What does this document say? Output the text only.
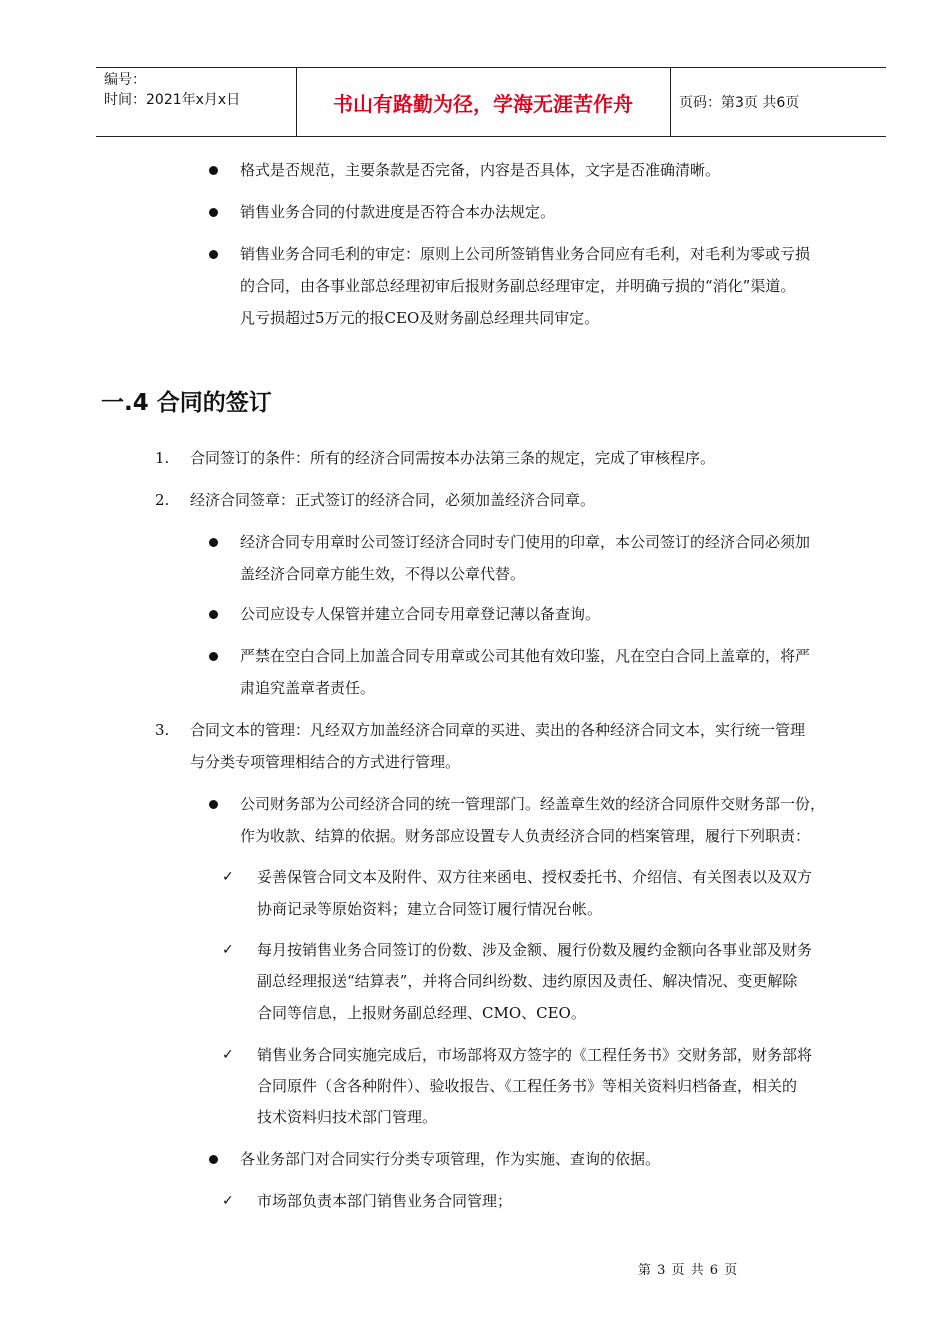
编号：
时间：2021年x月x日	书山有路勤为径，学海无涯苦作舟	页码：第3页 共6页
格式是否规范，主要条款是否完备，内容是否具体，文字是否准确清晰。
销售业务合同的付款进度是否符合本办法规定。
销售业务合同毛利的审定：原则上公司所签销售业务合同应有毛利，对毛利为零或亏损
的合同，由各事业部总经理初审后报财务副总经理审定，并明确亏损的“消化”渠道。
凡亏损超过5万元的报CEO及财务副总经理共同审定。
一.4 合同的签订
1. 合同签订的条件：所有的经济合同需按本办法第三条的规定，完成了审核程序。
2. 经济合同签章：正式签订的经济合同，必须加盖经济合同章。
经济合同专用章时公司签订经济合同时专门使用的印章，本公司签订的经济合同必须加
盖经济合同章方能生效，不得以公章代替。
公司应设专人保管并建立合同专用章登记薄以备查询。
严禁在空白合同上加盖合同专用章或公司其他有效印鉴，凡在空白合同上盖章的，将严
肃追究盖章者责任。
3. 合同文本的管理：凡经双方加盖经济合同章的买进、卖出的各种经济合同文本，实行统一管理
与分类专项管理相结合的方式进行管理。
公司财务部为公司经济合同的统一管理部门。经盖章生效的经济合同原件交财务部一份，
作为收款、结算的依据。财务部应设置专人负责经济合同的档案管理，履行下列职责：
✓ 妥善保管合同文本及附件、双方往来函电、授权委托书、介绍信、有关图表以及双方
协商记录等原始资料；建立合同签订履行情况台帐。
✓ 每月按销售业务合同签订的份数、涉及金额、履行份数及履约金额向各事业部及财务
副总经理报送“结算表”，并将合同纠纷数、违约原因及责任、解决情况、变更解除
合同等信息，上报财务副总经理、CMO、CEO。
✓ 销售业务合同实施完成后，市场部将双方签字的《工程任务书》交财务部，财务部将
合同原件（含各种附件）、验收报告、《工程任务书》等相关资料归档备查，相关的
技术资料归技术部门管理。
各业务部门对合同实行分类专项管理，作为实施、查询的依据。
✓ 市场部负责本部门销售业务合同管理；
第 3 页 共 6 页
